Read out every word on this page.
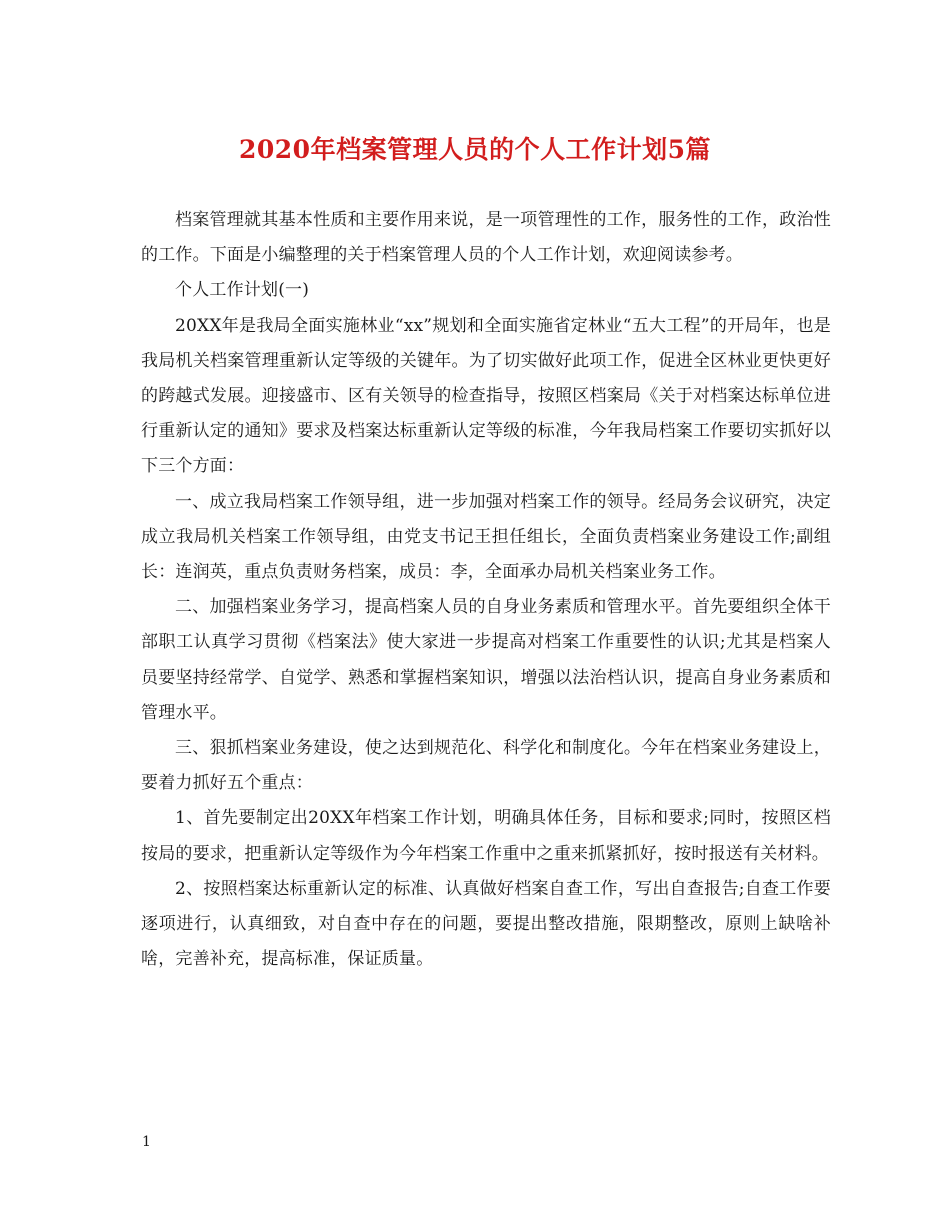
2020年档案管理人员的个人工作计划5篇

档案管理就其基本性质和主要作用来说，是一项管理性的工作，服务性的工作，政治性的工作。下面是小编整理的关于档案管理人员的个人工作计划，欢迎阅读参考。

个人工作计划(一)

20XX年是我局全面实施林业“xx”规划和全面实施省定林业“五大工程”的开局年，也是我局机关档案管理重新认定等级的关键年。为了切实做好此项工作，促进全区林业更快更好的跨越式发展。迎接盛市、区有关领导的检查指导，按照区档案局《关于对档案达标单位进行重新认定的通知》要求及档案达标重新认定等级的标准，今年我局档案工作要切实抓好以下三个方面：

一、成立我局档案工作领导组，进一步加强对档案工作的领导。经局务会议研究，决定成立我局机关档案工作领导组，由党支书记王担任组长，全面负责档案业务建设工作;副组长：连润英，重点负责财务档案，成员：李，全面承办局机关档案业务工作。

二、加强档案业务学习，提高档案人员的自身业务素质和管理水平。首先要组织全体干部职工认真学习贯彻《档案法》使大家进一步提高对档案工作重要性的认识;尤其是档案人员要坚持经常学、自觉学、熟悉和掌握档案知识，增强以法治档认识，提高自身业务素质和管理水平。

三、狠抓档案业务建设，使之达到规范化、科学化和制度化。今年在档案业务建设上，要着力抓好五个重点：

1、首先要制定出20XX年档案工作计划，明确具体任务，目标和要求;同时，按照区档按局的要求，把重新认定等级作为今年档案工作重中之重来抓紧抓好，按时报送有关材料。

2、按照档案达标重新认定的标准、认真做好档案自查工作，写出自查报告;自查工作要逐项进行，认真细致，对自查中存在的问题，要提出整改措施，限期整改，原则上缺啥补啥，完善补充，提高标准，保证质量。

1
